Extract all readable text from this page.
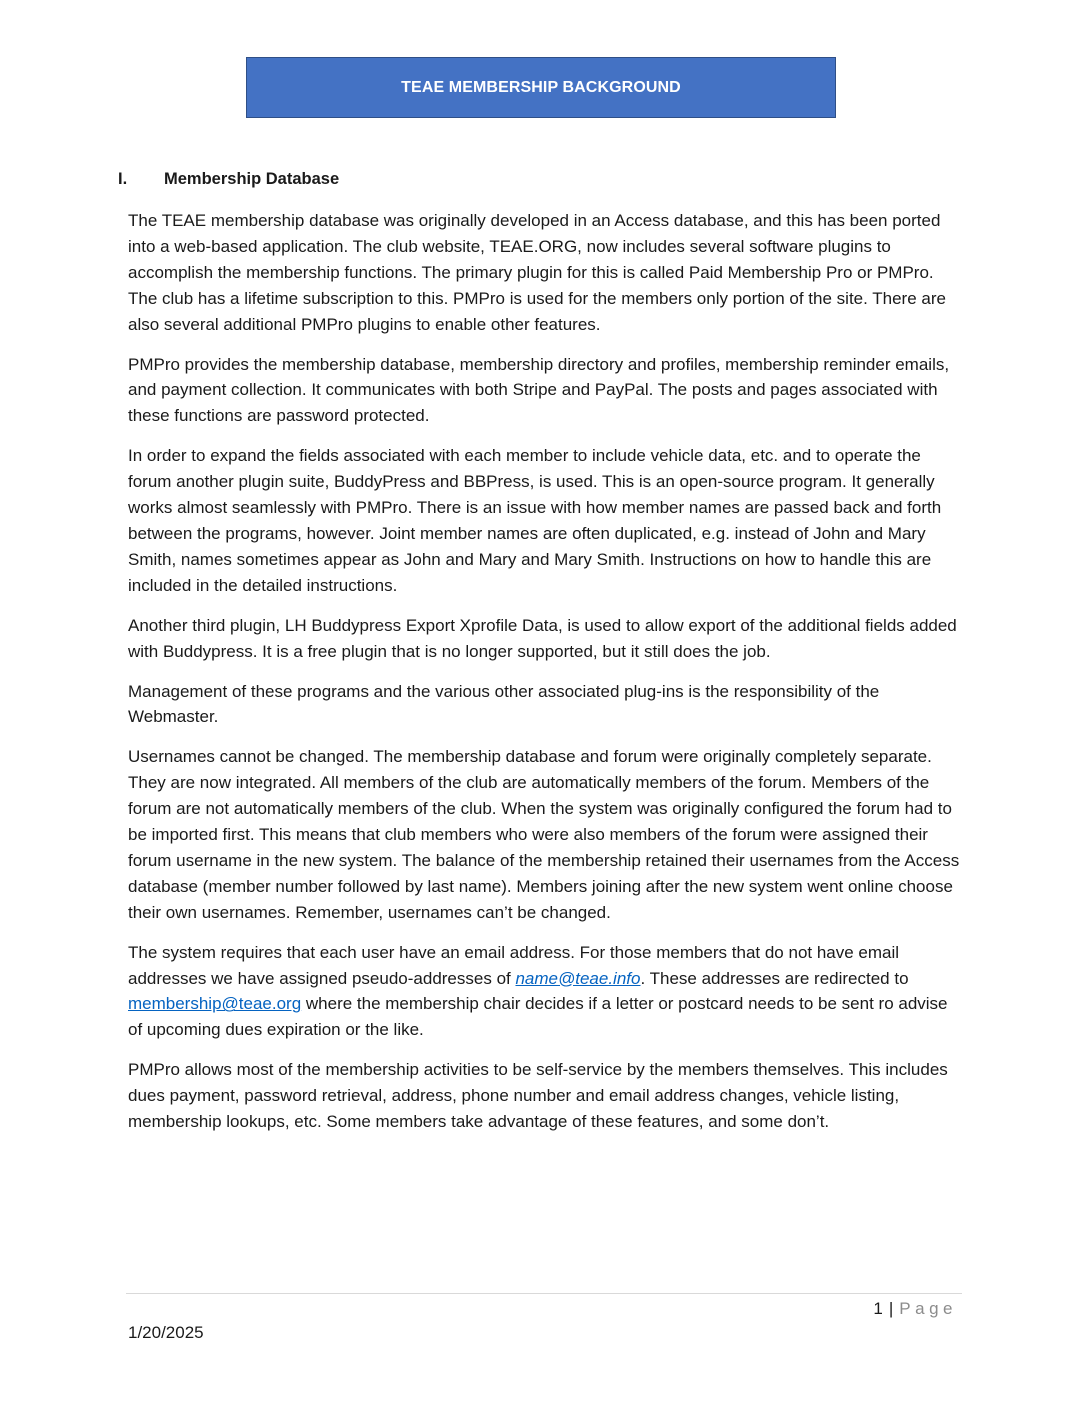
TEAE MEMBERSHIP BACKGROUND
I.	Membership Database

The TEAE membership database was originally developed in an Access database, and this has been ported into a web-based application. The club website, TEAE.ORG, now includes several software plugins to accomplish the membership functions. The primary plugin for this is called Paid Membership Pro or PMPro. The club has a lifetime subscription to this. PMPro is used for the members only portion of the site. There are also several additional PMPro plugins to enable other features.

PMPro provides the membership database, membership directory and profiles, membership reminder emails, and payment collection. It communicates with both Stripe and PayPal. The posts and pages associated with these functions are password protected.

In order to expand the fields associated with each member to include vehicle data, etc. and to operate the forum another plugin suite, BuddyPress and BBPress, is used. This is an open-source program. It generally works almost seamlessly with PMPro. There is an issue with how member names are passed back and forth between the programs, however. Joint member names are often duplicated, e.g. instead of John and Mary Smith, names sometimes appear as John and Mary and Mary Smith. Instructions on how to handle this are included in the detailed instructions.

Another third plugin, LH Buddypress Export Xprofile Data, is used to allow export of the additional fields added with Buddypress. It is a free plugin that is no longer supported, but it still does the job.

Management of these programs and the various other associated plug-ins is the responsibility of the Webmaster.

Usernames cannot be changed. The membership database and forum were originally completely separate. They are now integrated. All members of the club are automatically members of the forum. Members of the forum are not automatically members of the club. When the system was originally configured the forum had to be imported first. This means that club members who were also members of the forum were assigned their forum username in the new system. The balance of the membership retained their usernames from the Access database (member number followed by last name). Members joining after the new system went online choose their own usernames. Remember, usernames can’t be changed.

The system requires that each user have an email address. For those members that do not have email addresses we have assigned pseudo-addresses of name@teae.info. These addresses are redirected to membership@teae.org where the membership chair decides if a letter or postcard needs to be sent ro advise of upcoming dues expiration or the like.

PMPro allows most of the membership activities to be self-service by the members themselves. This includes dues payment, password retrieval, address, phone number and email address changes, vehicle listing, membership lookups, etc. Some members take advantage of these features, and some don’t.

1 | Page
1/20/2025
